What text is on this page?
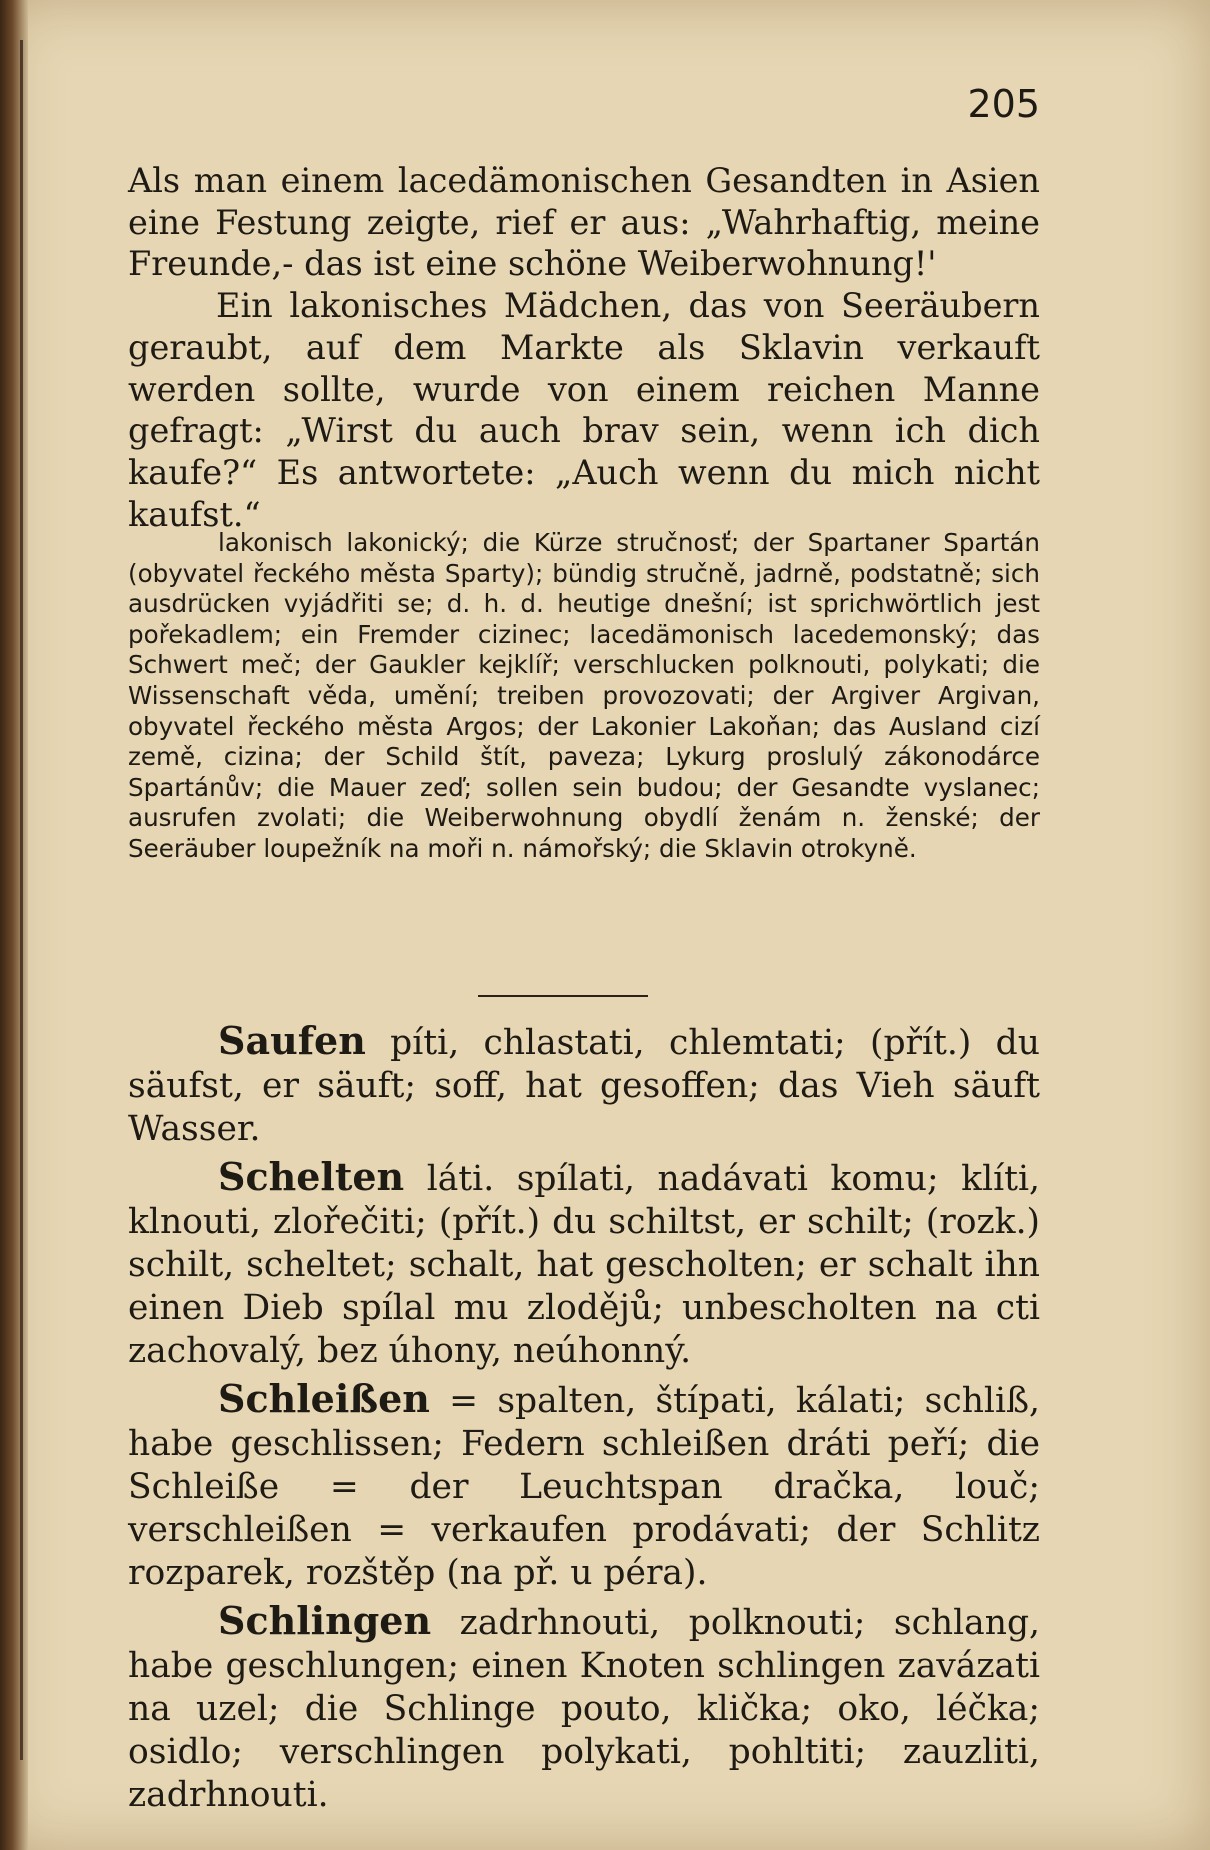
205

Als man einem lacedämonischen Gesandten in Asien eine Festung zeigte, rief er aus: „Wahrhaftig, meine Freunde,- das ist eine schöne Weiberwohnung!'

Ein lakonisches Mädchen, das von Seeräubern geraubt, auf dem Markte als Sklavin verkauft werden sollte, wurde von einem reichen Manne gefragt: „Wirst du auch brav sein, wenn ich dich kaufe?“ Es antwortete: „Auch wenn du mich nicht kaufst.“

lakonisch lakonický; die Kürze stručnosť; der Spartaner Spartán (obyvatel řeckého města Sparty); bündig stručně, jadrně, podstatně; sich ausdrücken vyjádřiti se; d. h. d. heutige dnešní; ist sprichwörtlich jest pořekadlem; ein Fremder cizinec; lacedämonisch lacedemonský; das Schwert meč; der Gaukler kejklíř; verschlucken polknouti, polykati; die Wissenschaft věda, umění; treiben provozovati; der Argiver Argivan, obyvatel řeckého města Argos; der Lakonier Lakoňan; das Ausland cizí země, cizina; der Schild štít, paveza; Lykurg proslulý zákonodárce Spartánův; die Mauer zeď; sollen sein budou; der Gesandte vyslanec; ausrufen zvolati; die Weiberwohnung obydlí ženám n. ženské; der Seeräuber loupežník na moři n. námořský; die Sklavin otrokyně.

Saufen píti, chlastati, chlemtati; (přít.) du säufst, er säuft; soff, hat gesoffen; das Vieh säuft Wasser.

Schelten láti. spílati, nadávati komu; klíti, klnouti, zlořečiti; (přít.) du schiltst, er schilt; (rozk.) schilt, scheltet; schalt, hat gescholten; er schalt ihn einen Dieb spílal mu zlodějů; unbescholten na cti zachovalý, bez úhony, neúhonný.

Schleißen = spalten, štípati, kálati; schliß, habe geschlissen; Federn schleißen dráti peří; die Schleiße = der Leuchtspan dračka, louč; verschleißen = verkaufen prodávati; der Schlitz rozparek, rozštěp (na př. u péra).

Schlingen zadrhnouti, polknouti; schlang, habe geschlungen; einen Knoten schlingen zavázati na uzel; die Schlinge pouto, klička; oko, léčka; osidlo; verschlingen polykati, pohltiti; zauzliti, zadrhnouti.
